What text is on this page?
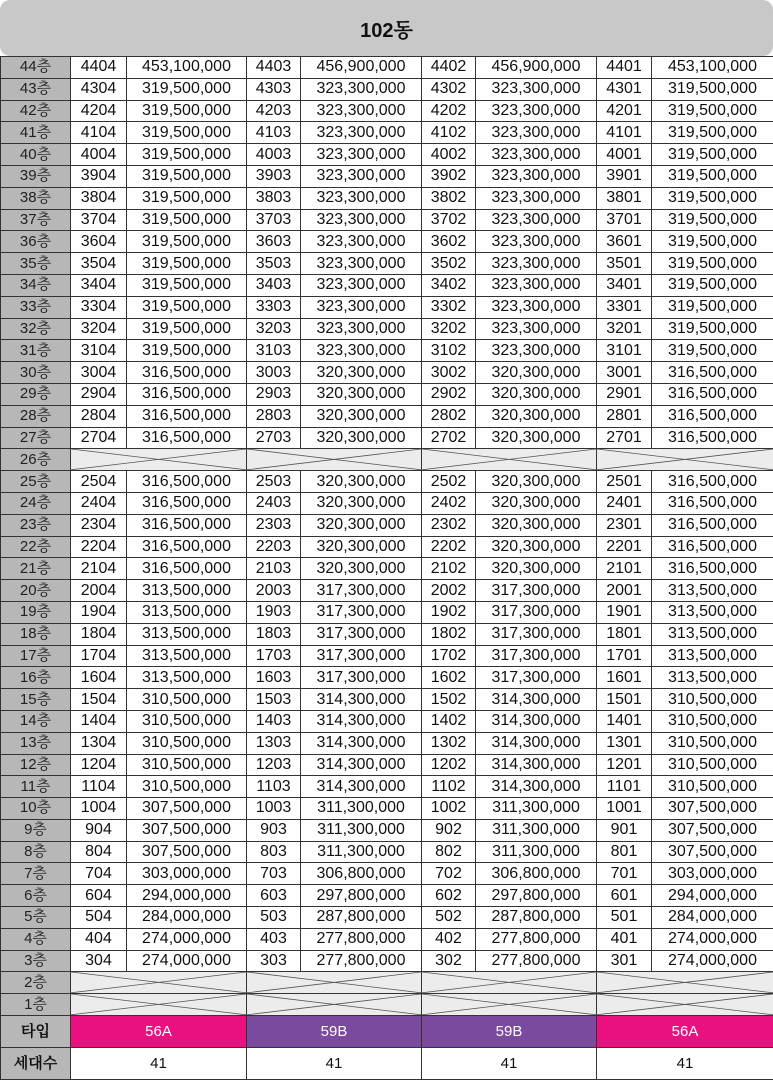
102동
44층	4404	453,100,000	4403	456,900,000	4402	456,900,000	4401	453,100,000
43층	4304	319,500,000	4303	323,300,000	4302	323,300,000	4301	319,500,000
42층	4204	319,500,000	4203	323,300,000	4202	323,300,000	4201	319,500,000
41층	4104	319,500,000	4103	323,300,000	4102	323,300,000	4101	319,500,000
40층	4004	319,500,000	4003	323,300,000	4002	323,300,000	4001	319,500,000
39층	3904	319,500,000	3903	323,300,000	3902	323,300,000	3901	319,500,000
38층	3804	319,500,000	3803	323,300,000	3802	323,300,000	3801	319,500,000
37층	3704	319,500,000	3703	323,300,000	3702	323,300,000	3701	319,500,000
36층	3604	319,500,000	3603	323,300,000	3602	323,300,000	3601	319,500,000
35층	3504	319,500,000	3503	323,300,000	3502	323,300,000	3501	319,500,000
34층	3404	319,500,000	3403	323,300,000	3402	323,300,000	3401	319,500,000
33층	3304	319,500,000	3303	323,300,000	3302	323,300,000	3301	319,500,000
32층	3204	319,500,000	3203	323,300,000	3202	323,300,000	3201	319,500,000
31층	3104	319,500,000	3103	323,300,000	3102	323,300,000	3101	319,500,000
30층	3004	316,500,000	3003	320,300,000	3002	320,300,000	3001	316,500,000
29층	2904	316,500,000	2903	320,300,000	2902	320,300,000	2901	316,500,000
28층	2804	316,500,000	2803	320,300,000	2802	320,300,000	2801	316,500,000
27층	2704	316,500,000	2703	320,300,000	2702	320,300,000	2701	316,500,000
26층	

25층	2504	316,500,000	2503	320,300,000	2502	320,300,000	2501	316,500,000
24층	2404	316,500,000	2403	320,300,000	2402	320,300,000	2401	316,500,000
23층	2304	316,500,000	2303	320,300,000	2302	320,300,000	2301	316,500,000
22층	2204	316,500,000	2203	320,300,000	2202	320,300,000	2201	316,500,000
21층	2104	316,500,000	2103	320,300,000	2102	320,300,000	2101	316,500,000
20층	2004	313,500,000	2003	317,300,000	2002	317,300,000	2001	313,500,000
19층	1904	313,500,000	1903	317,300,000	1902	317,300,000	1901	313,500,000
18층	1804	313,500,000	1803	317,300,000	1802	317,300,000	1801	313,500,000
17층	1704	313,500,000	1703	317,300,000	1702	317,300,000	1701	313,500,000
16층	1604	313,500,000	1603	317,300,000	1602	317,300,000	1601	313,500,000
15층	1504	310,500,000	1503	314,300,000	1502	314,300,000	1501	310,500,000
14층	1404	310,500,000	1403	314,300,000	1402	314,300,000	1401	310,500,000
13층	1304	310,500,000	1303	314,300,000	1302	314,300,000	1301	310,500,000
12층	1204	310,500,000	1203	314,300,000	1202	314,300,000	1201	310,500,000
11층	1104	310,500,000	1103	314,300,000	1102	314,300,000	1101	310,500,000
10층	1004	307,500,000	1003	311,300,000	1002	311,300,000	1001	307,500,000
9층	904	307,500,000	903	311,300,000	902	311,300,000	901	307,500,000
8층	804	307,500,000	803	311,300,000	802	311,300,000	801	307,500,000
7층	704	303,000,000	703	306,800,000	702	306,800,000	701	303,000,000
6층	604	294,000,000	603	297,800,000	602	297,800,000	601	294,000,000
5층	504	284,000,000	503	287,800,000	502	287,800,000	501	284,000,000
4층	404	274,000,000	403	277,800,000	402	277,800,000	401	274,000,000
3층	304	274,000,000	303	277,800,000	302	277,800,000	301	274,000,000
2층	

1층	

타입	56A		59B		59B		56A	
세대수	41		41		41		41	
